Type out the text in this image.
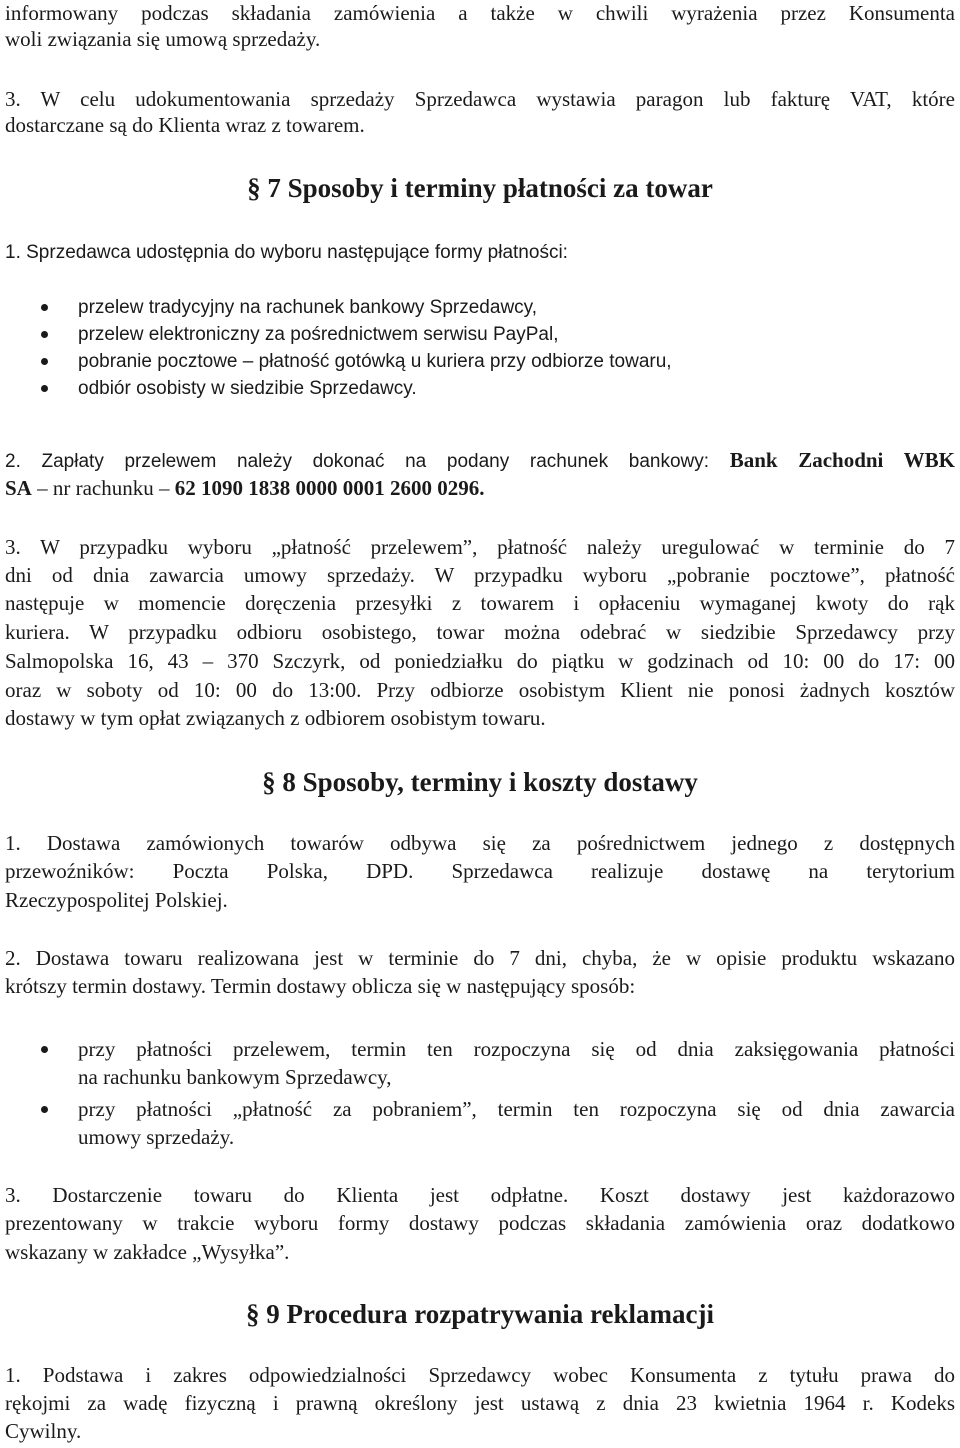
informowany podczas składania zamówienia a także w chwili wyrażenia przez Konsumenta

woli związania się umową sprzedaży.

3. W celu udokumentowania sprzedaży Sprzedawca wystawia paragon lub fakturę VAT, które

dostarczane są do Klienta wraz z towarem.

§ 7 Sposoby i terminy płatności za towar

1. Sprzedawca udostępnia do wyboru następujące formy płatności:

przelew tradycyjny na rachunek bankowy Sprzedawcy,

przelew elektroniczny za pośrednictwem serwisu PayPal,

pobranie pocztowe – płatność gotówką u kuriera przy odbiorze towaru,

odbiór osobisty w siedzibie Sprzedawcy.

2. Zapłaty przelewem należy dokonać na podany rachunek bankowy: Bank Zachodni WBK

SA – nr rachunku – 62 1090 1838 0000 0001 2600 0296.

3. W przypadku wyboru „płatność przelewem”, płatność należy uregulować w terminie do 7

dni od dnia zawarcia umowy sprzedaży. W przypadku wyboru „pobranie pocztowe”, płatność

następuje w momencie doręczenia przesyłki z towarem i opłaceniu wymaganej kwoty do rąk

kuriera. W przypadku odbioru osobistego, towar można odebrać w siedzibie Sprzedawcy przy

Salmopolska 16, 43 – 370 Szczyrk, od poniedziałku do piątku w godzinach od 10: 00 do 17: 00

oraz w soboty od 10: 00 do 13:00. Przy odbiorze osobistym Klient nie ponosi żadnych kosztów

dostawy w tym opłat związanych z odbiorem osobistym towaru.

§ 8 Sposoby, terminy i koszty dostawy

1. Dostawa zamówionych towarów odbywa się za pośrednictwem jednego z dostępnych

przewoźników: Poczta Polska, DPD. Sprzedawca realizuje dostawę na terytorium

Rzeczypospolitej Polskiej.

2. Dostawa towaru realizowana jest w terminie do 7 dni, chyba, że w opisie produktu wskazano

krótszy termin dostawy. Termin dostawy oblicza się w następujący sposób:

przy płatności przelewem, termin ten rozpoczyna się od dnia zaksięgowania płatności

na rachunku bankowym Sprzedawcy,

przy płatności „płatność za pobraniem”, termin ten rozpoczyna się od dnia zawarcia

umowy sprzedaży.

3. Dostarczenie towaru do Klienta jest odpłatne. Koszt dostawy jest każdorazowo

prezentowany w trakcie wyboru formy dostawy podczas składania zamówienia oraz dodatkowo

wskazany w zakładce „Wysyłka”.

§ 9 Procedura rozpatrywania reklamacji

1. Podstawa i zakres odpowiedzialności Sprzedawcy wobec Konsumenta z tytułu prawa do

rękojmi za wadę fizyczną i prawną określony jest ustawą z dnia 23 kwietnia 1964 r. Kodeks

Cywilny.
